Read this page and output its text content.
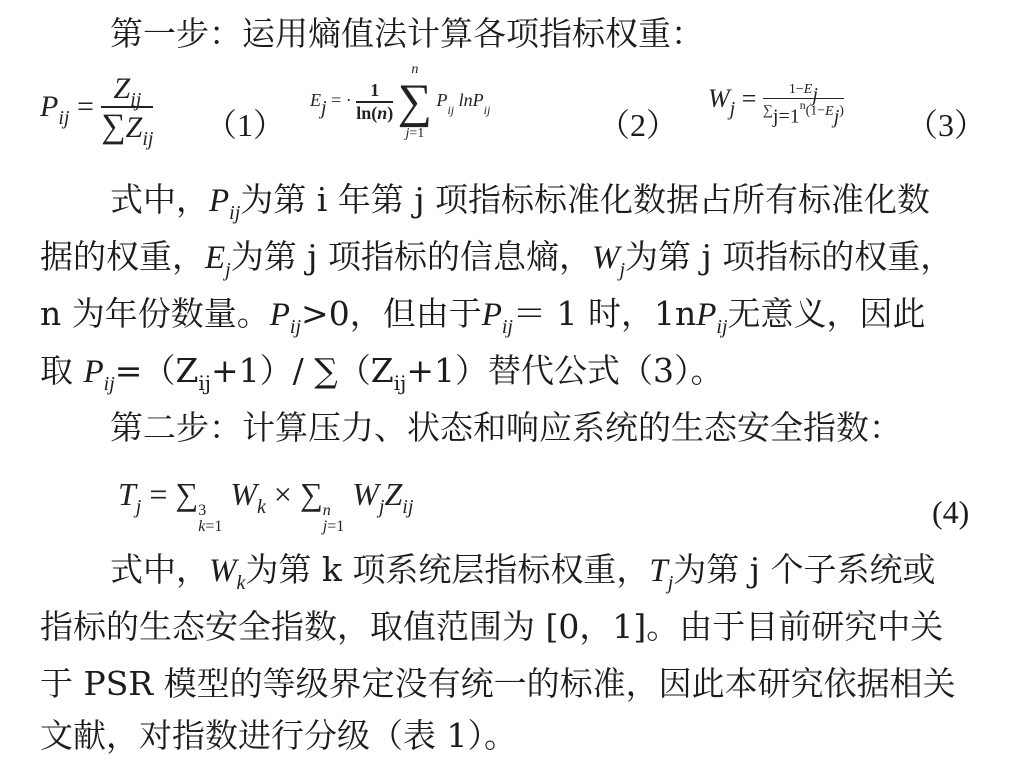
第一步：运用熵值法计算各项指标权重：
$P_{ij} = \frac{Z_{ij}}{\sum Z_{ij}} (1)$
$E_j$ = · $\frac{1}{\ln(n)}$

n
∑
j=1
$P_{ij}$ lnP$_{ij}$	（2）
$W_j = \frac{1-E_j}{\sum_{j=1}^n(1-E_j)}$
（3）
式中，$P_{ij}$为第 i 年第 j 项指标标准化数据占所有标准化数
据的权重，$E_j$为第 j 项指标的信息熵，$W_j$为第 j 项指标的权重，
n 为年份数量。$P_{ij}>0$，但由于$P_{ij}= 1$ 时，$1nP_{ij}$无意义，因此
取 $P_{ij}=(Z_{ij}+1)/$ $\sum(Z_{ij}+1)$替代公式（3）。
第二步：计算压力、状态和响应系统的生态安全指数：
$T_j$ = ∑ $_{3 k=1}$
$W_k$ × ∑ $_{n j=1}$
$W_jZ_{ij}$	(4)
式中，$W_k$为第 k 项系统层指标权重，$T_j$为第 j 个子系统或
指标的生态安全指数，取值范围为 [0，1]。由于目前研究中关
于 PSR 模型的等级界定没有统一的标准，因此本研究依据相关
文献，对指数进行分级（表 1）。
